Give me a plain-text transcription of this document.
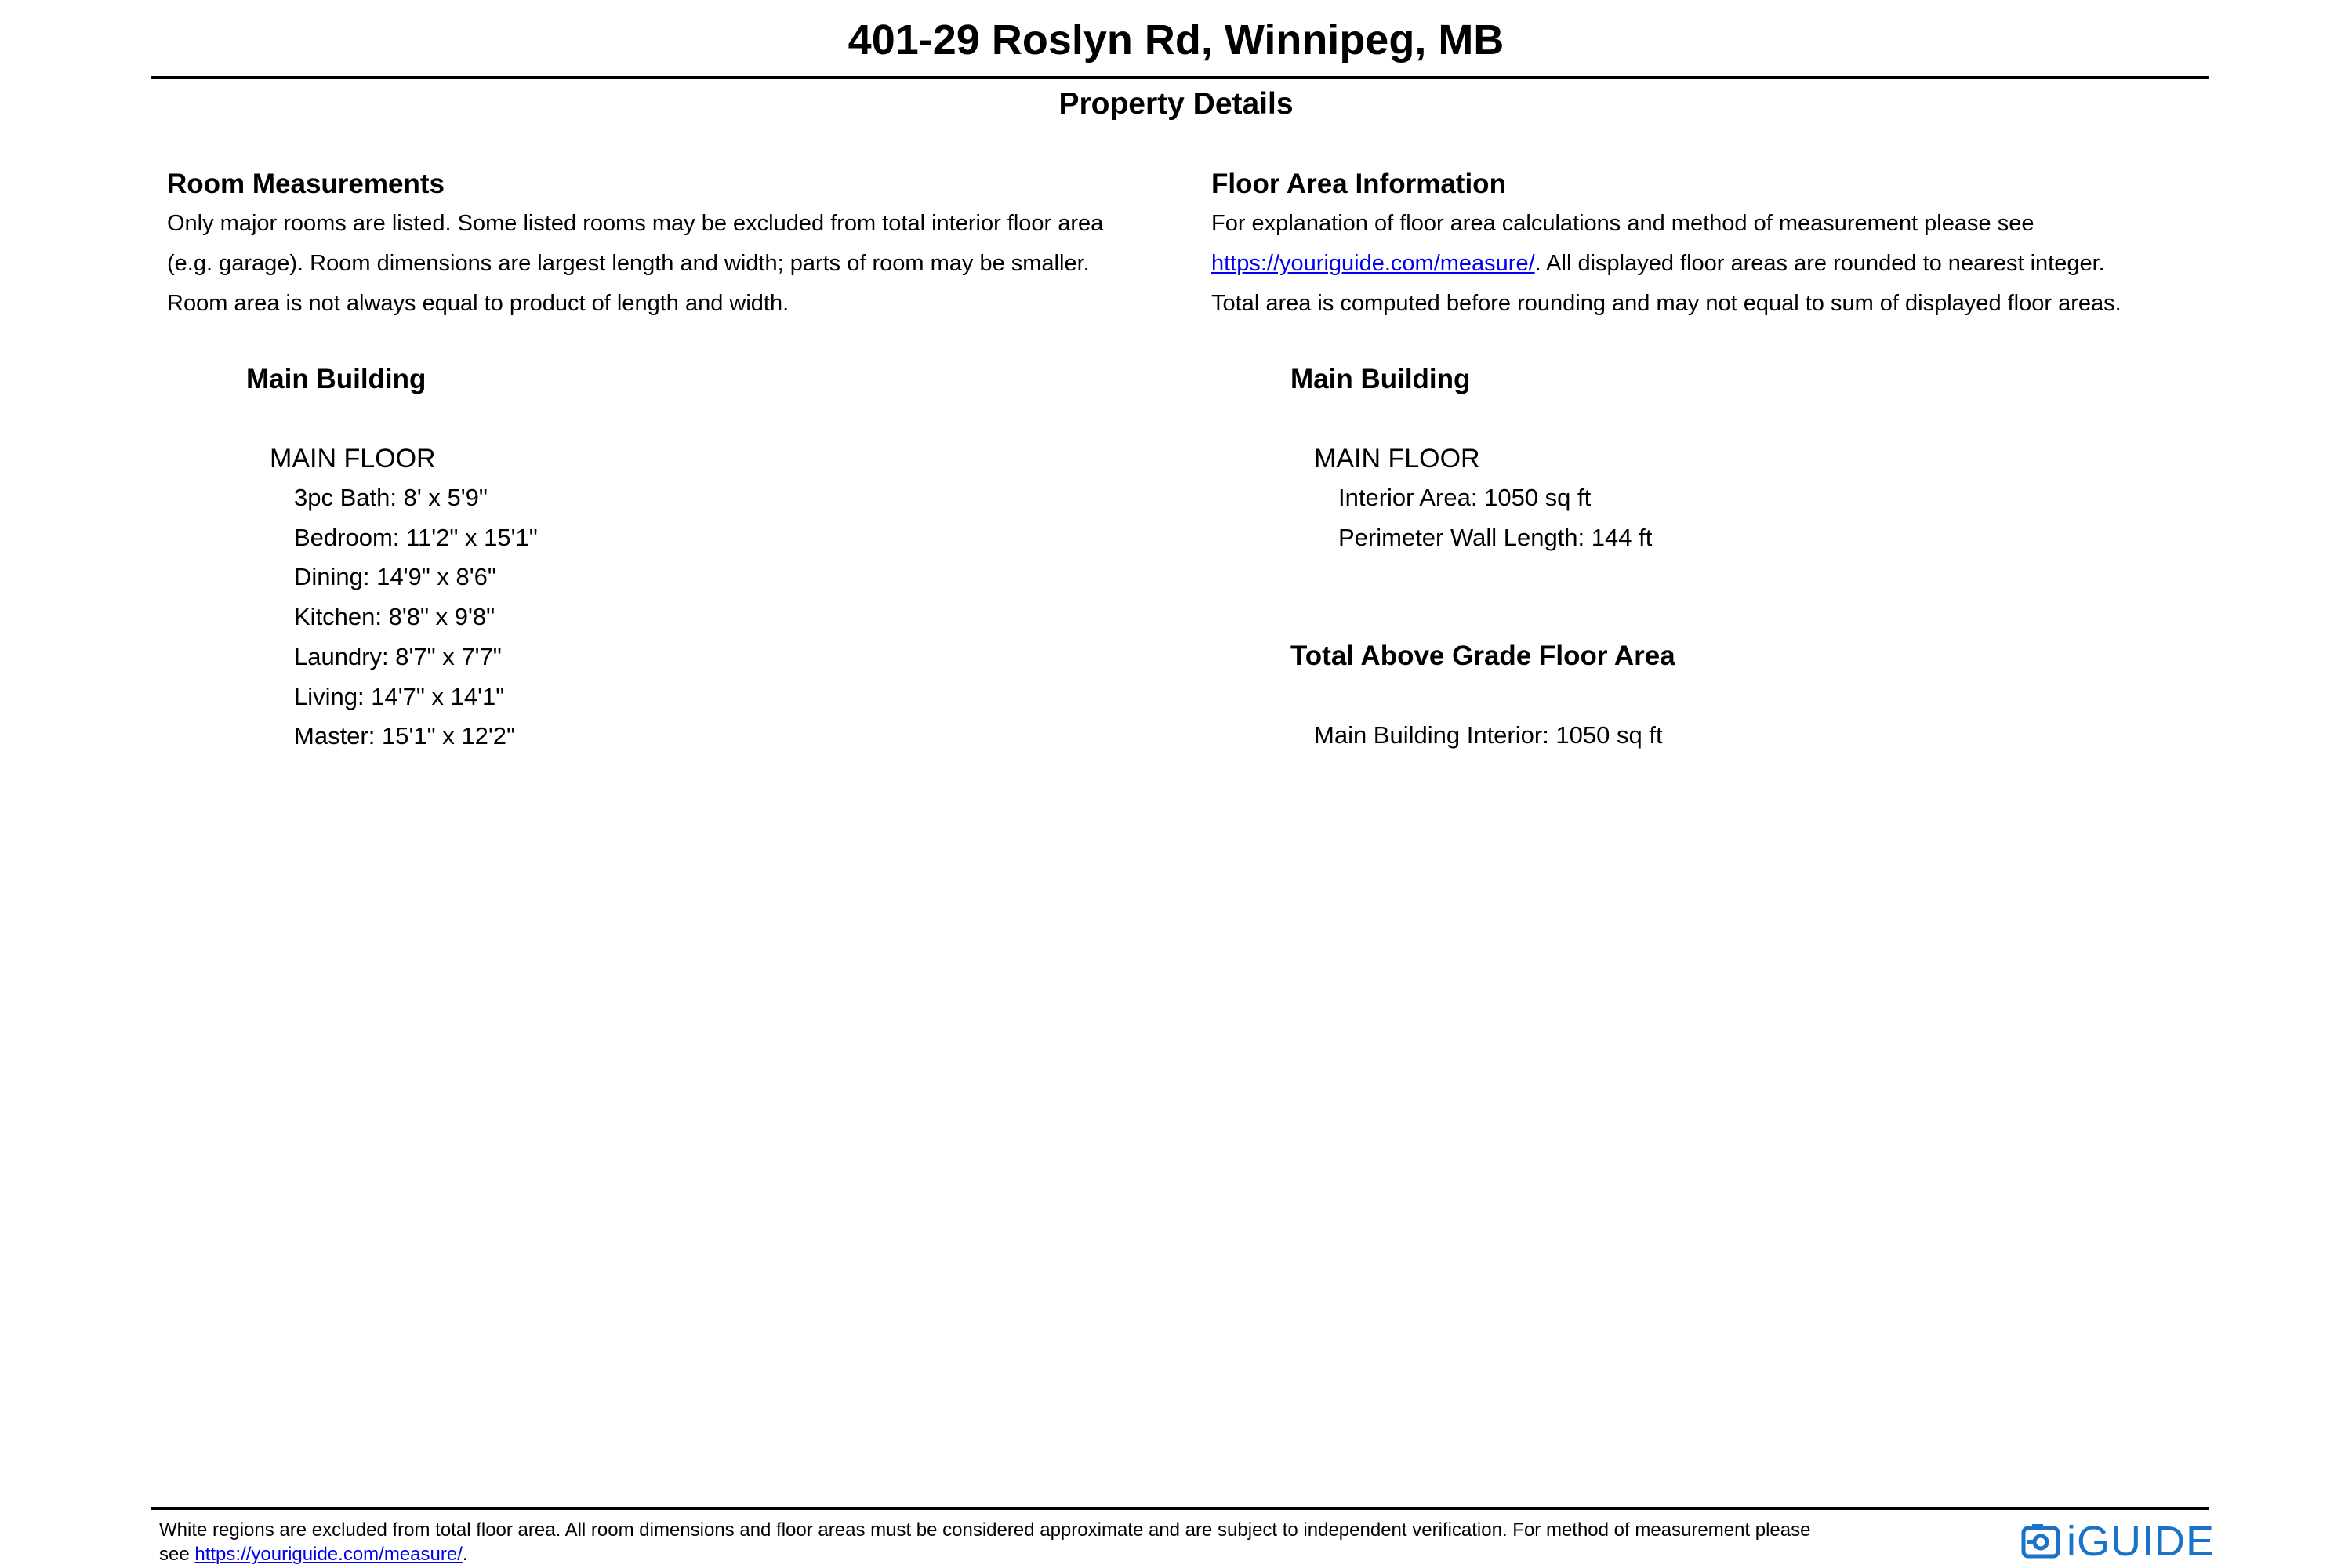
401-29 Roslyn Rd, Winnipeg, MB
Property Details
Room Measurements

Only major rooms are listed. Some listed rooms may be excluded from total interior floor area
(e.g. garage). Room dimensions are largest length and width; parts of room may be smaller.
Room area is not always equal to product of length and width.

Main Building
MAIN FLOOR
3pc Bath: 8' x 5'9"
Bedroom: 11'2" x 15'1"
Dining: 14'9" x 8'6"
Kitchen: 8'8" x 9'8"
Laundry: 8'7" x 7'7"
Living: 14'7" x 14'1"
Master: 15'1" x 12'2"
Floor Area Information

For explanation of floor area calculations and method of measurement please see
https://youriguide.com/measure/. All displayed floor areas are rounded to nearest integer.
Total area is computed before rounding and may not equal to sum of displayed floor areas.

Main Building
MAIN FLOOR
Interior Area: 1050 sq ft
Perimeter Wall Length: 144 ft
Total Above Grade Floor Area
Main Building Interior: 1050 sq ft
White regions are excluded from total floor area. All room dimensions and floor areas must be considered approximate and are subject to independent verification. For method of measurement please
see https://youriguide.com/measure/.	iGUIDE
